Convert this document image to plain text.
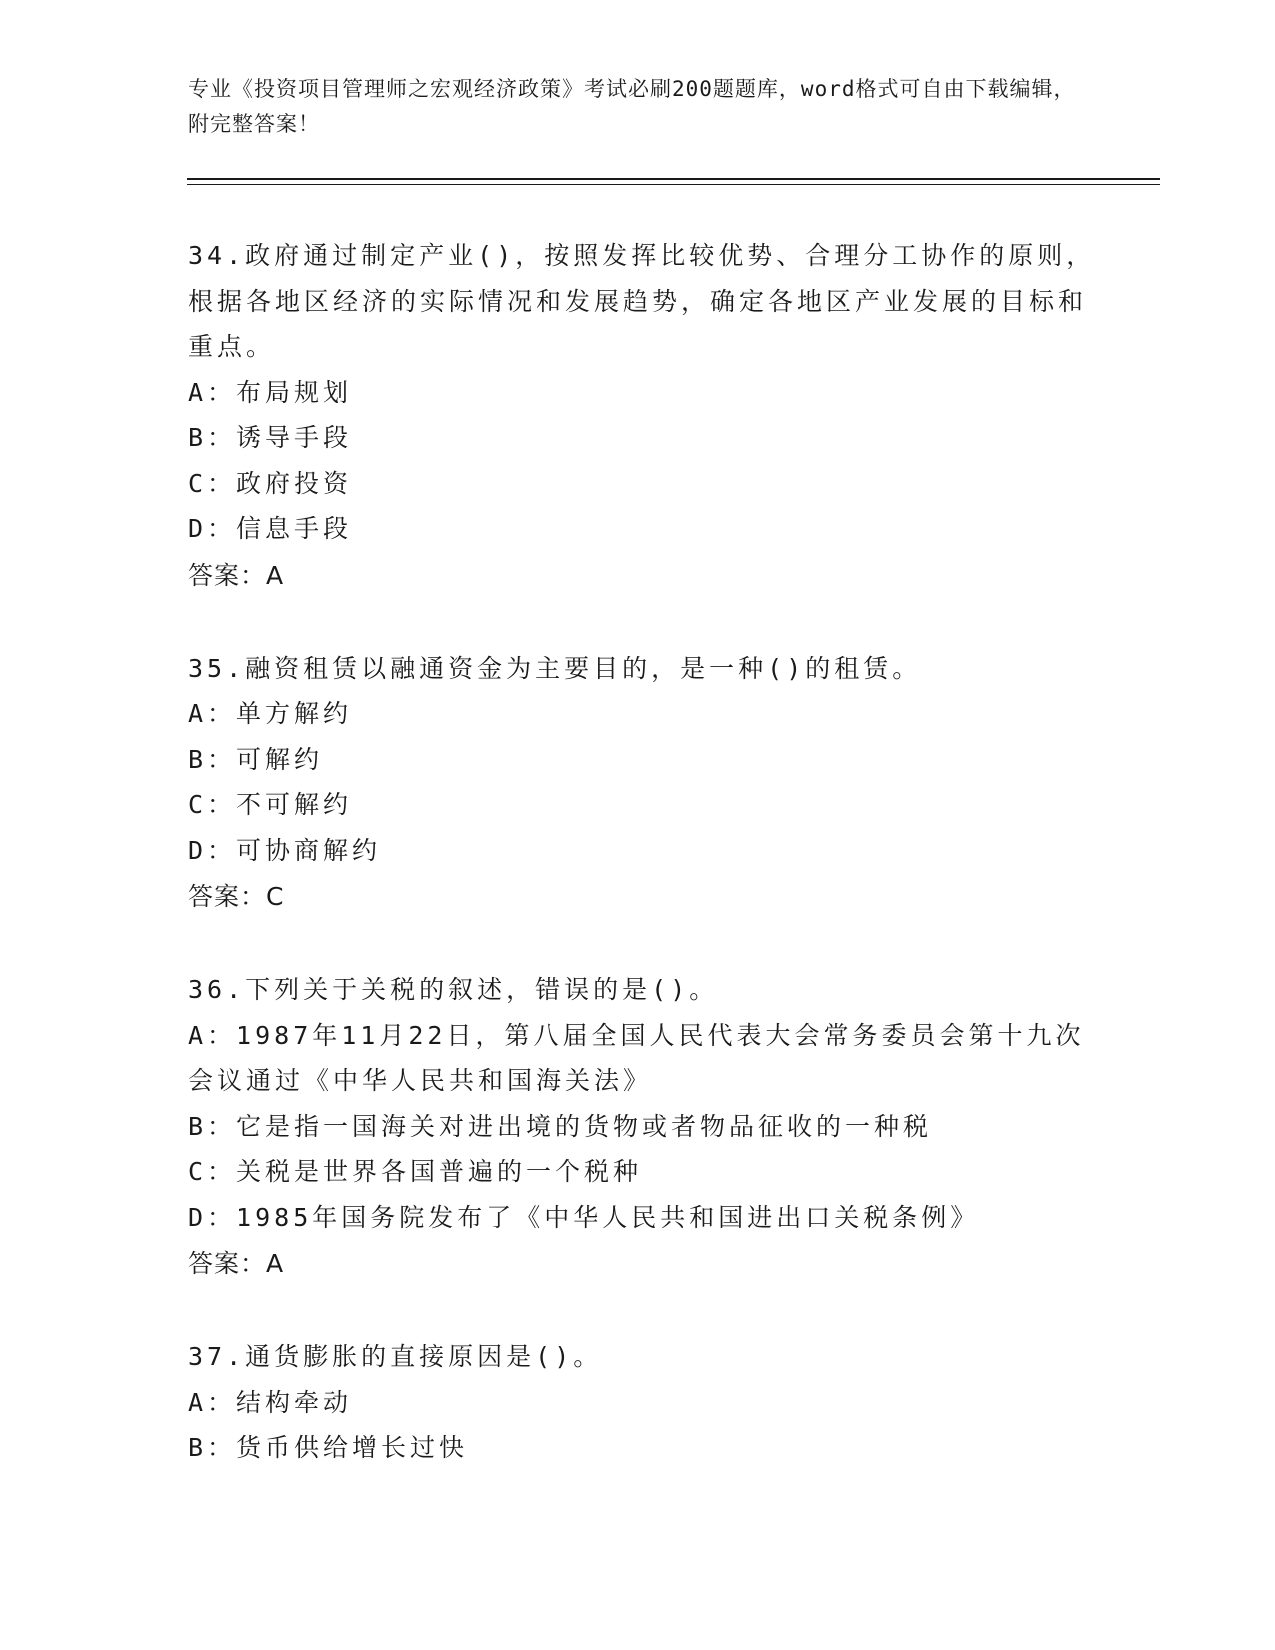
专业《投资项目管理师之宏观经济政策》考试必刷200题题库，word格式可自由下载编辑，附完整答案！

34.政府通过制定产业()，按照发挥比较优势、合理分工协作的原则，根据各地区经济的实际情况和发展趋势，确定各地区产业发展的目标和重点。

A：布局规划

B：诱导手段

C：政府投资

D：信息手段

答案：A

35.融资租赁以融通资金为主要目的，是一种()的租赁。

A：单方解约

B：可解约

C：不可解约

D：可协商解约

答案：C

36.下列关于关税的叙述，错误的是()。

A：1987年11月22日，第八届全国人民代表大会常务委员会第十九次会议通过《中华人民共和国海关法》

B：它是指一国海关对进出境的货物或者物品征收的一种税

C：关税是世界各国普遍的一个税种

D：1985年国务院发布了《中华人民共和国进出口关税条例》

答案：A

37.通货膨胀的直接原因是()。

A：结构牵动

B：货币供给增长过快
